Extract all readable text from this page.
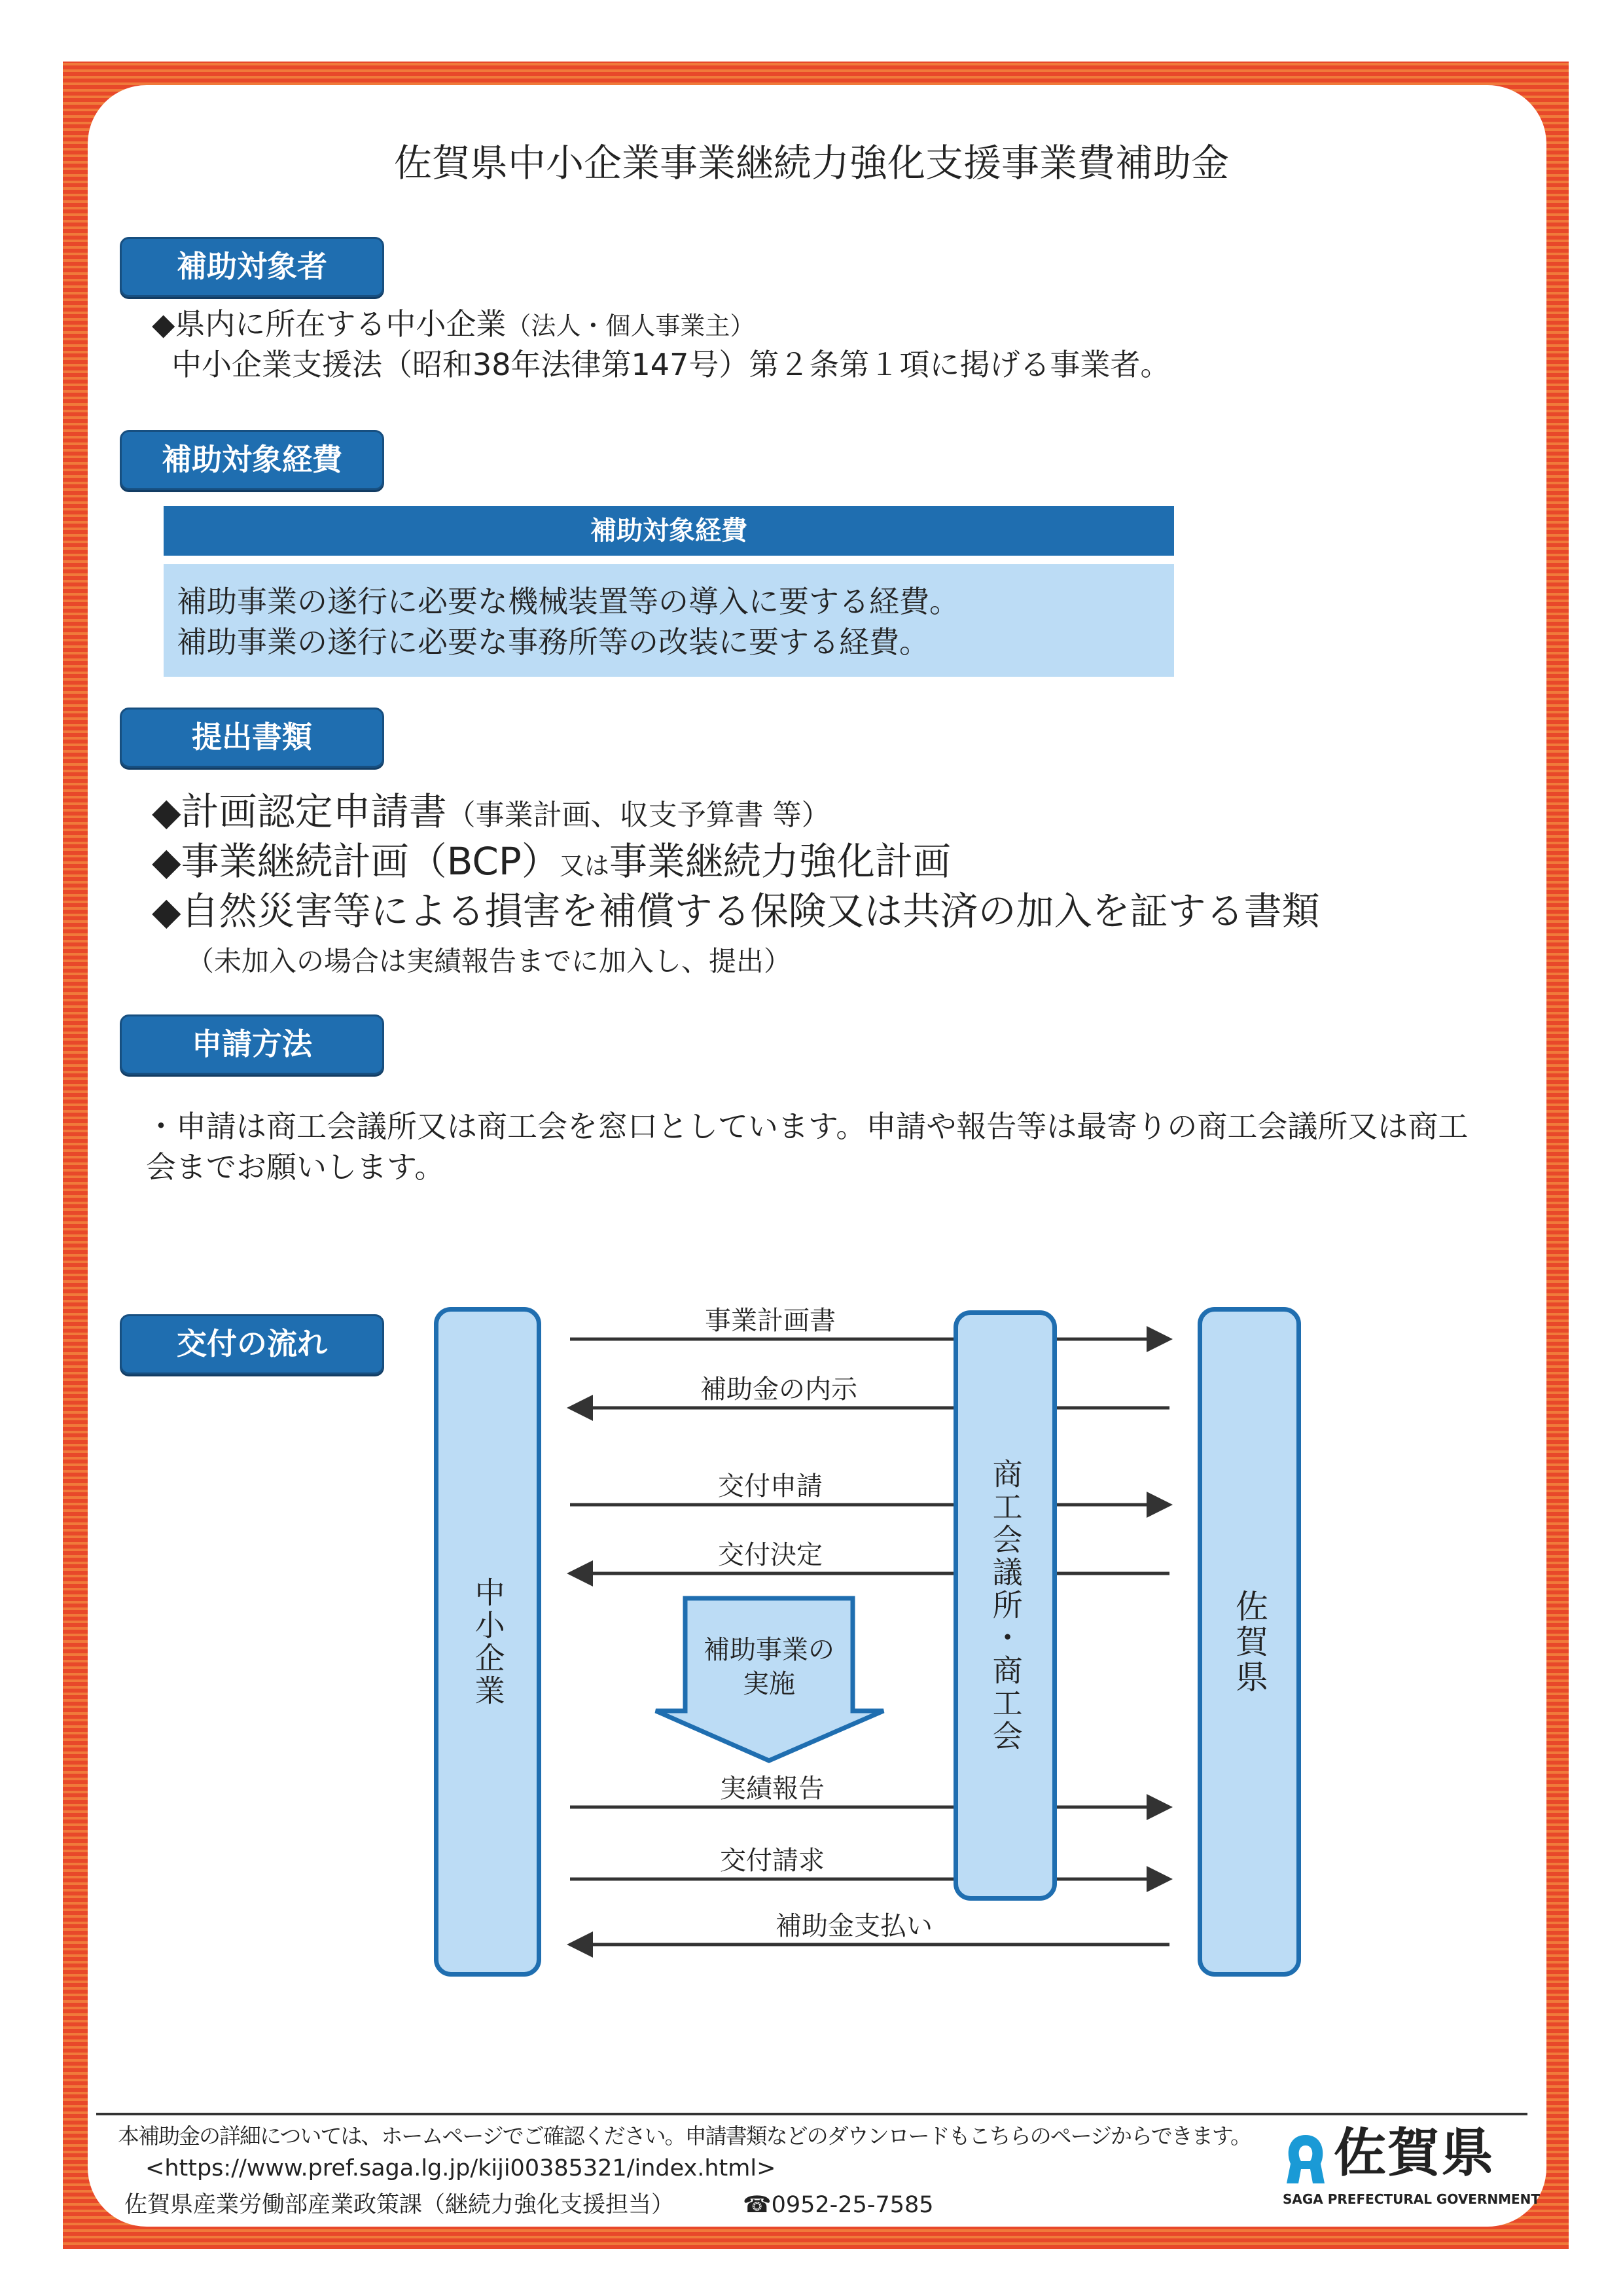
佐賀県中小企業事業継続力強化支援事業費補助金
補助対象者
◆県内に所在する中小企業（法人・個人事業主）
中小企業支援法（昭和38年法律第147号）第２条第１項に掲げる事業者。
補助対象経費
補助対象経費
補助事業の遂行に必要な機械装置等の導入に要する経費。
補助事業の遂行に必要な事務所等の改装に要する経費。
提出書類
◆計画認定申請書（事業計画、収支予算書 等）
◆事業継続計画（BCP）又は事業継続力強化計画
◆自然災害等による損害を補償する保険又は共済の加入を証する書類
（未加入の場合は実績報告までに加入し、提出）
申請方法
・申請は商工会議所又は商工会を窓口としています。申請や報告等は最寄りの商工会議所又は商工
会までお願いします。
交付の流れ
中小企業	商工会議所・商工会	佐賀県
事業計画書
補助金の内示
交付申請
交付決定
実績報告
交付請求
補助金支払い
補助事業の
実施
本補助金の詳細については、ホームページでご確認ください。申請書類などのダウンロードもこちらのページからできます。
<https://www.pref.saga.lg.jp/kiji00385321/index.html>
佐賀県産業労働部産業政策課（継続力強化支援担当）	☎0952-25-7585
佐賀県
SAGA PREFECTURAL GOVERNMENT
